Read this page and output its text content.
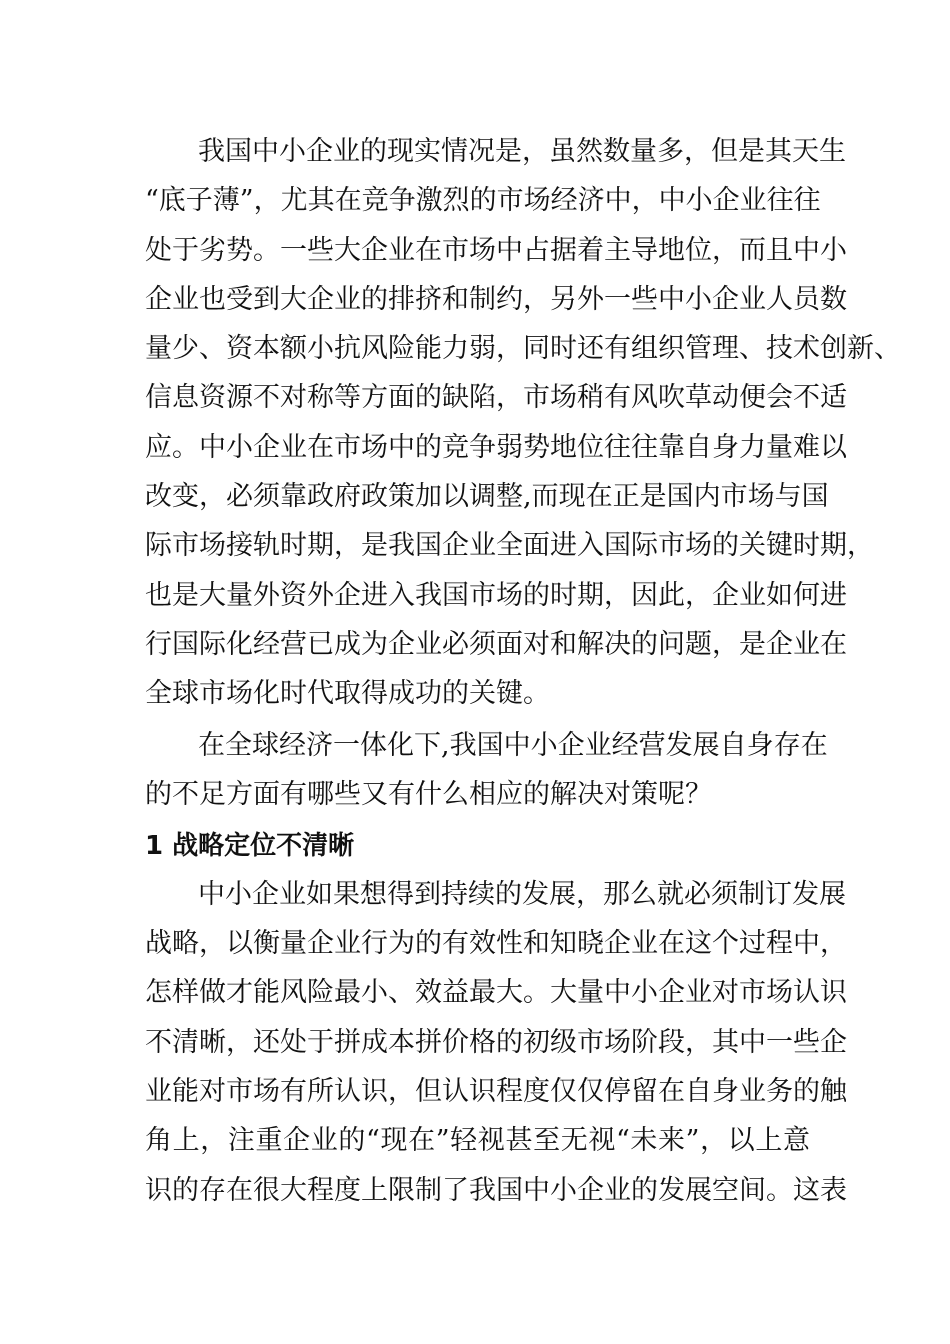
我国中小企业的现实情况是，虽然数量多，但是其天生
“底子薄”，尤其在竞争激烈的市场经济中，中小企业往往
处于劣势。一些大企业在市场中占据着主导地位，而且中小
企业也受到大企业的排挤和制约，另外一些中小企业人员数
量少、资本额小抗风险能力弱，同时还有组织管理、技术创新、
信息资源不对称等方面的缺陷，市场稍有风吹草动便会不适
应。中小企业在市场中的竞争弱势地位往往靠自身力量难以
改变，必须靠政府政策加以调整,而现在正是国内市场与国
际市场接轨时期，是我国企业全面进入国际市场的关键时期，
也是大量外资外企进入我国市场的时期，因此，企业如何进
行国际化经营已成为企业必须面对和解决的问题，是企业在
全球市场化时代取得成功的关键。
在全球经济一体化下,我国中小企业经营发展自身存在
的不足方面有哪些又有什么相应的解决对策呢？
1 战略定位不清晰
中小企业如果想得到持续的发展，那么就必须制订发展
战略，以衡量企业行为的有效性和知晓企业在这个过程中，
怎样做才能风险最小、效益最大。大量中小企业对市场认识
不清晰，还处于拼成本拼价格的初级市场阶段，其中一些企
业能对市场有所认识，但认识程度仅仅停留在自身业务的触
角上，注重企业的“现在”轻视甚至无视“未来”，以上意
识的存在很大程度上限制了我国中小企业的发展空间。这表
